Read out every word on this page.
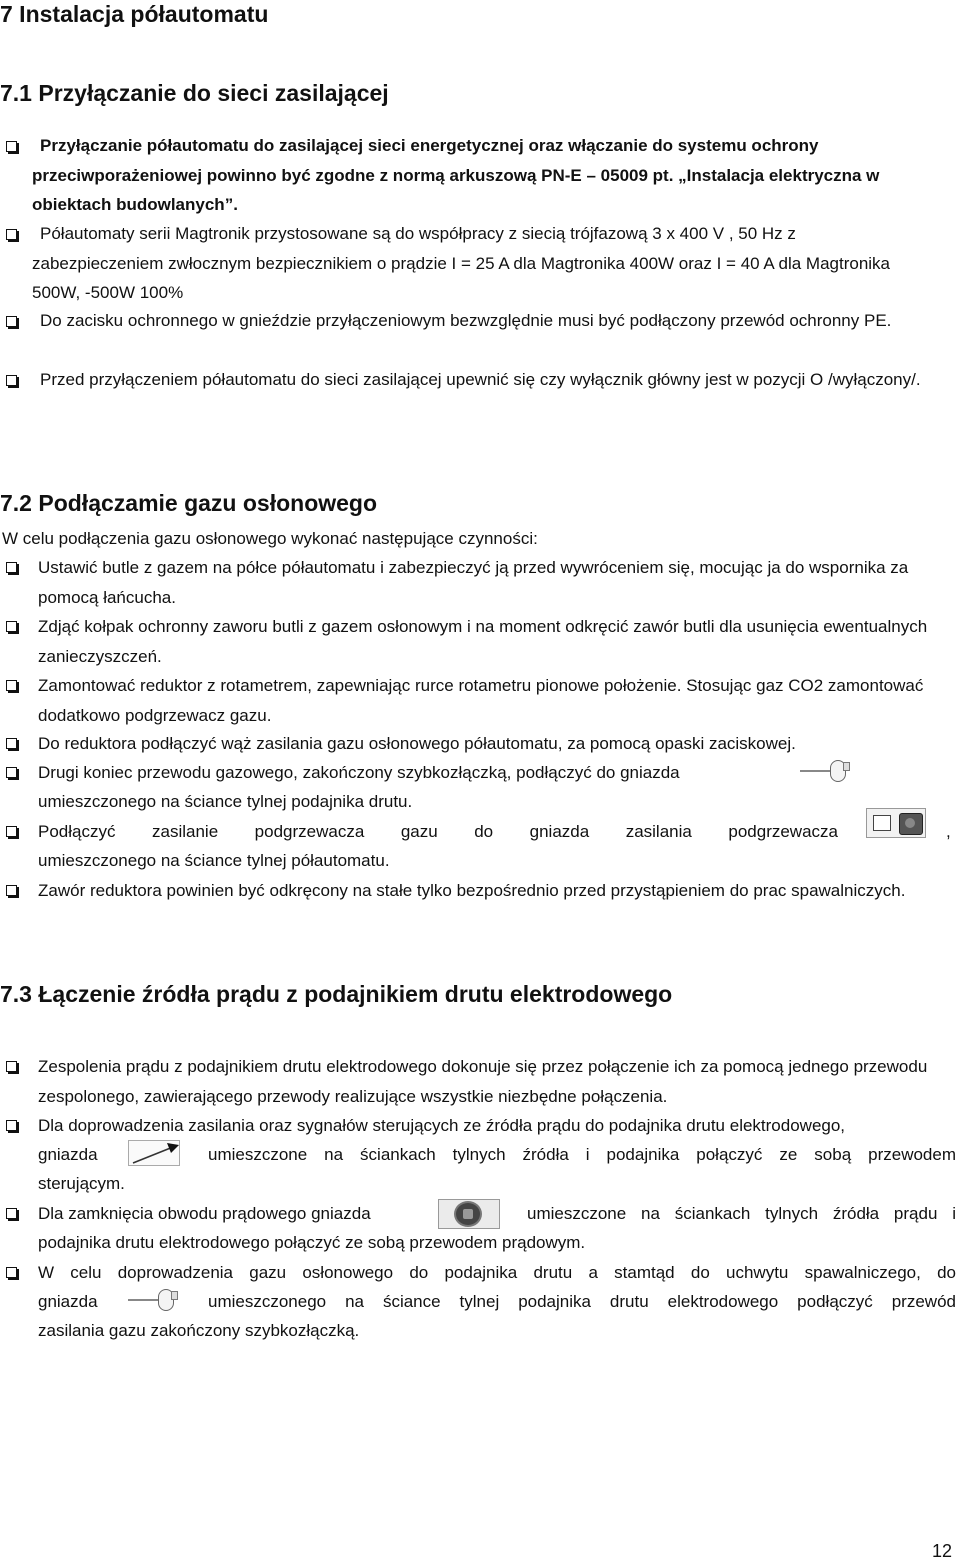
7 Instalacja półautomatu
7.1 Przyłączanie do sieci zasilającej

Przyłączanie półautomatu do zasilającej sieci energetycznej oraz włączanie do systemu ochrony przeciwporażeniowej powinno być zgodne z normą arkuszową PN-E – 05009 pt. „Instalacja elektryczna w obiektach budowlanych”.

Półautomaty serii Magtronik przystosowane są do współpracy z siecią trójfazową 3 x 400 V , 50 Hz z zabezpieczeniem zwłocznym bezpiecznikiem o prądzie I = 25 A dla Magtronika 400W oraz I = 40 A dla Magtronika 500W, -500W 100%

Do zacisku ochronnego w gnieździe przyłączeniowym bezwzględnie musi być podłączony przewód ochronny PE.

Przed przyłączeniem półautomatu do sieci zasilającej upewnić się czy wyłącznik główny jest w pozycji O /wyłączony/.

7.2 Podłączamie gazu osłonowego
W celu podłączenia gazu osłonowego wykonać następujące czynności:

Ustawić butle z gazem na półce półautomatu i zabezpieczyć ją przed wywróceniem się, mocując ja do wspornika za pomocą łańcucha.

Zdjąć kołpak ochronny zaworu butli z gazem osłonowym i na moment odkręcić zawór butli dla usunięcia ewentualnych zanieczyszczeń.

Zamontować reduktor z rotametrem, zapewniając rurce rotametru pionowe położenie. Stosując gaz CO2 zamontować dodatkowo podgrzewacz gazu.

Do reduktora podłączyć wąż zasilania gazu osłonowego półautomatu, za pomocą opaski zaciskowej.
Drugi koniec przewodu gazowego, zakończony szybkozłączką, podłączyć do gniazda
umieszczonego na ściance tylnej podajnika drutu.
Podłączyć zasilanie podgrzewacza gazu do gniazda zasilania podgrzewacza	,
umieszczonego na ściance tylnej półautomatu.

Zawór reduktora powinien być odkręcony na stałe tylko bezpośrednio przed przystąpieniem do prac spawalniczych.

7.3 Łączenie źródła prądu z podajnikiem drutu elektrodowego

Zespolenia prądu z podajnikiem drutu elektrodowego dokonuje się przez połączenie ich za pomocą jednego przewodu zespolonego, zawierającego przewody realizujące wszystkie niezbędne połączenia.

Dla doprowadzenia zasilania oraz sygnałów sterujących ze źródła prądu do podajnika drutu elektrodowego,
gniazda	umieszczone na ściankach tylnych źródła i podajnika połączyć ze sobą przewodem
sterującym.
Dla zamknięcia obwodu prądowego gniazda	umieszczone na ściankach tylnych źródła prądu i
podajnika drutu elektrodowego połączyć ze sobą przewodem prądowym.
W celu doprowadzenia gazu osłonowego do podajnika drutu a stamtąd do uchwytu spawalniczego, do
gniazda	umieszczonego na ściance tylnej podajnika drutu elektrodowego podłączyć przewód
zasilania gazu zakończony szybkozłączką.
12
